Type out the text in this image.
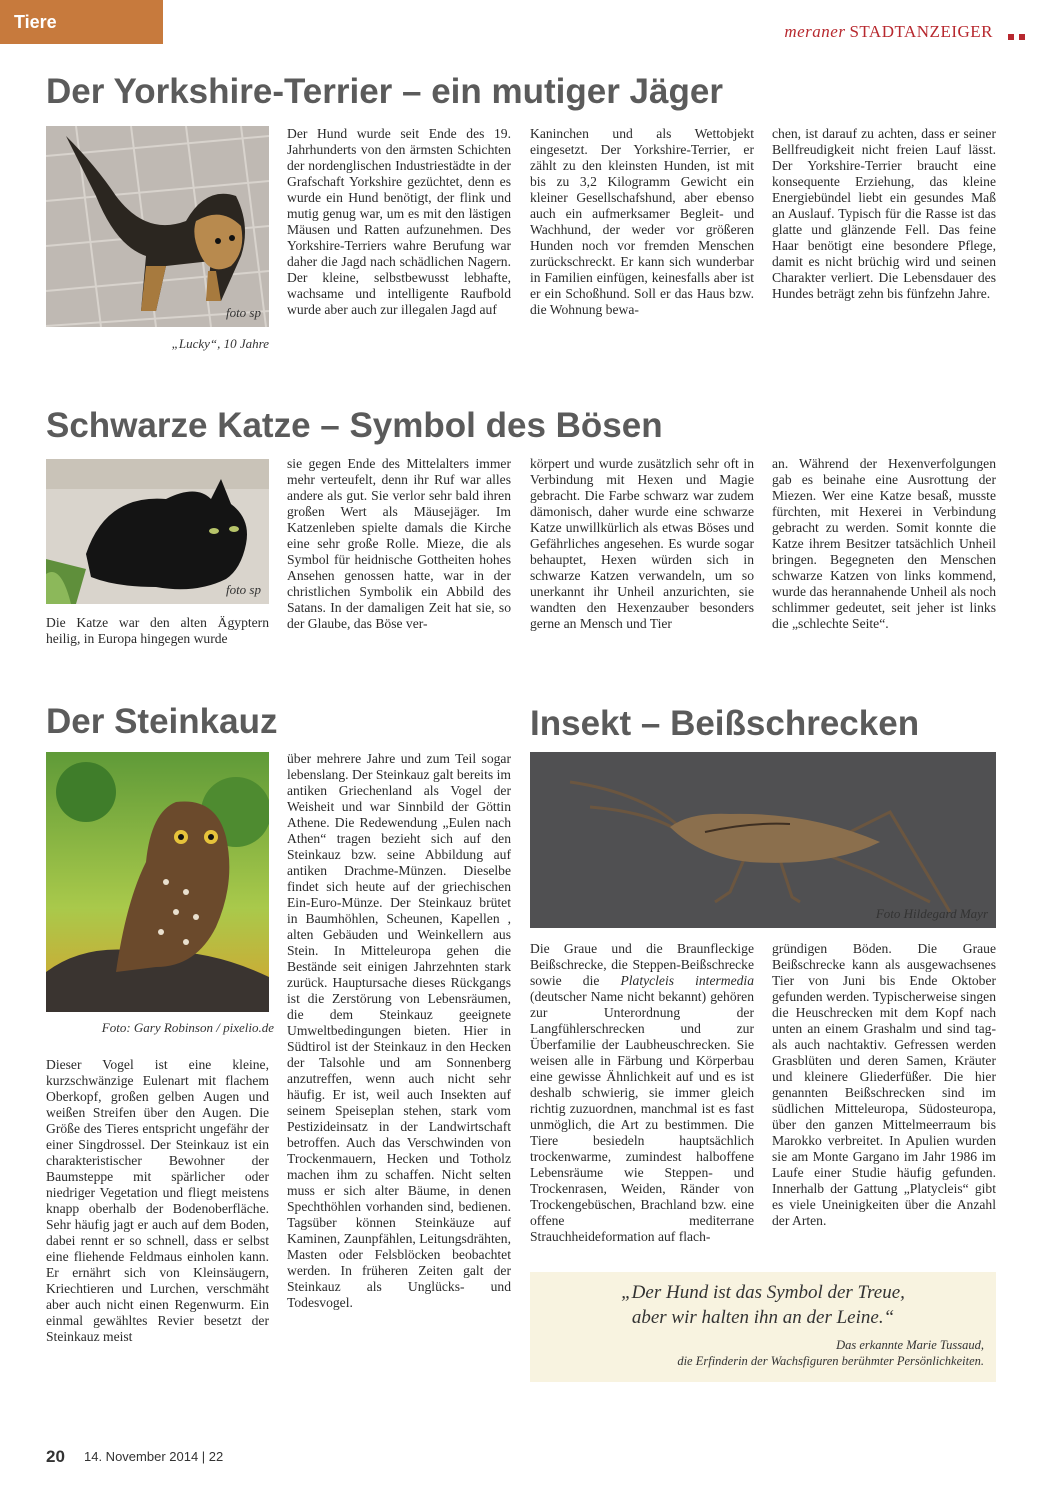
Tiere	meraner STADTANZEIGER
Der Yorkshire-Terrier – ein mutiger Jäger
foto sp
„Lucky“, 10 Jahre
Der Hund wurde seit Ende des 19. Jahrhunderts von den ärmsten Schichten der nordenglischen Industriestädte in der Grafschaft Yorkshire gezüchtet, denn es wurde ein Hund benötigt, der flink und mutig genug war, um es mit den lästigen Mäusen und Ratten aufzunehmen. Des Yorkshire-Terriers wahre Berufung war daher die Jagd nach schädlichen Nagern. Der kleine, selbstbewusst lebhafte, wachsame und intelligente Raufbold wurde aber auch zur illegalen Jagd auf
Kaninchen und als Wettobjekt eingesetzt. Der Yorkshire-Terrier, er zählt zu den kleinsten Hunden, ist mit bis zu 3,2 Kilogramm Gewicht ein kleiner Gesellschafshund, aber ebenso auch ein aufmerksamer Begleit- und Wachhund, der weder vor größeren Hunden noch vor fremden Menschen zurückschreckt. Er kann sich wunderbar in Familien einfügen, keinesfalls aber ist er ein Schoßhund. Soll er das Haus bzw. die Wohnung bewa-
chen, ist darauf zu achten, dass er seiner Bellfreudigkeit nicht freien Lauf lässt. Der Yorkshire-Terrier braucht eine konsequente Erziehung, das kleine Energiebündel liebt ein gesundes Maß an Auslauf. Typisch für die Rasse ist das glatte und glänzende Fell. Das feine Haar benötigt eine besondere Pflege, damit es nicht brüchig wird und seinen Charakter verliert. Die Lebensdauer des Hundes beträgt zehn bis fünfzehn Jahre.
Schwarze Katze – Symbol des Bösen
foto sp
Die Katze war den alten Ägyptern heilig, in Europa hingegen wurde
sie gegen Ende des Mittelalters immer mehr verteufelt, denn ihr Ruf war alles andere als gut. Sie verlor sehr bald ihren großen Wert als Mäusejäger. Im Katzenleben spielte damals die Kirche eine sehr große Rolle. Mieze, die als Symbol für heidnische Gottheiten hohes Ansehen genossen hatte, war in der christlichen Symbolik ein Abbild des Satans. In der damaligen Zeit hat sie, so der Glaube, das Böse ver-
körpert und wurde zusätzlich sehr oft in Verbindung mit Hexen und Magie gebracht. Die Farbe schwarz war zudem dämonisch, daher wurde eine schwarze Katze unwillkürlich als etwas Böses und Gefährliches angesehen. Es wurde sogar behauptet, Hexen würden sich in schwarze Katzen verwandeln, um so unerkannt ihr Unheil anzurichten, sie wandten den Hexenzauber besonders gerne an Mensch und Tier
an. Während der Hexenverfolgungen gab es beinahe eine Ausrottung der Miezen. Wer eine Katze besaß, musste fürchten, mit Hexerei in Verbindung gebracht zu werden. Somit konnte die Katze ihrem Besitzer tatsächlich Unheil bringen. Begegneten den Menschen schwarze Katzen von links kommend, wurde das herannahende Unheil als noch schlimmer gedeutet, seit jeher ist links die „schlechte Seite“.
Der Steinkauz
Foto: Gary Robinson / pixelio.de
Dieser Vogel ist eine kleine, kurzschwänzige Eulenart mit flachem Oberkopf, großen gelben Augen und weißen Streifen über den Augen. Die Größe des Tieres entspricht ungefähr der einer Singdrossel. Der Steinkauz ist ein charakteristischer Bewohner der Baumsteppe mit spärlicher oder niedriger Vegetation und fliegt meistens knapp oberhalb der Bodenoberfläche. Sehr häufig jagt er auch auf dem Boden, dabei rennt er so schnell, dass er selbst eine fliehende Feldmaus einholen kann. Er ernährt sich von Kleinsäugern, Kriechtieren und Lurchen, verschmäht aber auch nicht einen Regenwurm. Ein einmal gewähltes Revier besetzt der Steinkauz meist
über mehrere Jahre und zum Teil sogar lebenslang. Der Steinkauz galt bereits im antiken Griechenland als Vogel der Weisheit und war Sinnbild der Göttin Athene. Die Redewendung „Eulen nach Athen“ tragen bezieht sich auf den Steinkauz bzw. seine Abbildung auf antiken Drachme-Münzen. Dieselbe findet sich heute auf der griechischen Ein-Euro-Münze. Der Steinkauz brütet in Baumhöhlen, Scheunen, Kapellen , alten Gebäuden und Weinkellern aus Stein. In Mitteleuropa gehen die Bestände seit einigen Jahrzehnten stark zurück. Hauptursache dieses Rückgangs ist die Zerstörung von Lebensräumen, die dem Steinkauz geeignete Umweltbedingungen bieten. Hier in Südtirol ist der Steinkauz in den Hecken der Talsohle und am Sonnenberg anzutreffen, wenn auch nicht sehr häufig. Er ist, weil auch Insekten auf seinem Speiseplan stehen, stark vom Pestizideinsatz in der Landwirtschaft betroffen. Auch das Verschwinden von Trockenmauern, Hecken und Totholz machen ihm zu schaffen. Nicht selten muss er sich alter Bäume, in denen Spechthöhlen vorhanden sind, bedienen. Tagsüber können Steinkäuze auf Kaminen, Zaunpfählen, Leitungsdrähten, Masten oder Felsblöcken beobachtet werden. In früheren Zeiten galt der Steinkauz als Unglücks- und Todesvogel.
Insekt – Beißschrecken
Foto Hildegard Mayr
Die Graue und die Braunfleckige Beißschrecke, die Steppen-Beißschrecke sowie die Platycleis intermedia (deutscher Name nicht bekannt) gehören zur Unterordnung der Langfühlerschrecken und zur Überfamilie der Laubheuschrecken. Sie weisen alle in Färbung und Körperbau eine gewisse Ähnlichkeit auf und es ist deshalb schwierig, sie immer gleich richtig zuzuordnen, manchmal ist es fast unmöglich, die Art zu bestimmen. Die Tiere besiedeln hauptsächlich trockenwarme, zumindest halboffene Lebensräume wie Steppen- und Trockenrasen, Weiden, Ränder von Trockengebüschen, Brachland bzw. eine offene mediterrane Strauchheideformation auf flach-
gründigen Böden. Die Graue Beißschrecke kann als ausgewachsenes Tier von Juni bis Ende Oktober gefunden werden. Typischerweise singen die Heuschrecken mit dem Kopf nach unten an einem Grashalm und sind tag- als auch nachtaktiv. Gefressen werden Grasblüten und deren Samen, Kräuter und kleinere Gliederfüßer. Die hier genannten Beißschrecken sind im südlichen Mitteleuropa, Südosteuropa, über den ganzen Mittelmeerraum bis Marokko verbreitet. In Apulien wurden sie am Monte Gargano im Jahr 1986 im Laufe einer Studie häufig gefunden. Innerhalb der Gattung „Platycleis“ gibt es viele Uneinigkeiten über die Anzahl der Arten.
„Der Hund ist das Symbol der Treue,
aber wir halten ihn an der Leine.“
Das erkannte Marie Tussaud,
die Erfinderin der Wachsfiguren berühmter Persönlichkeiten.
20 14. November 2014 | 22
